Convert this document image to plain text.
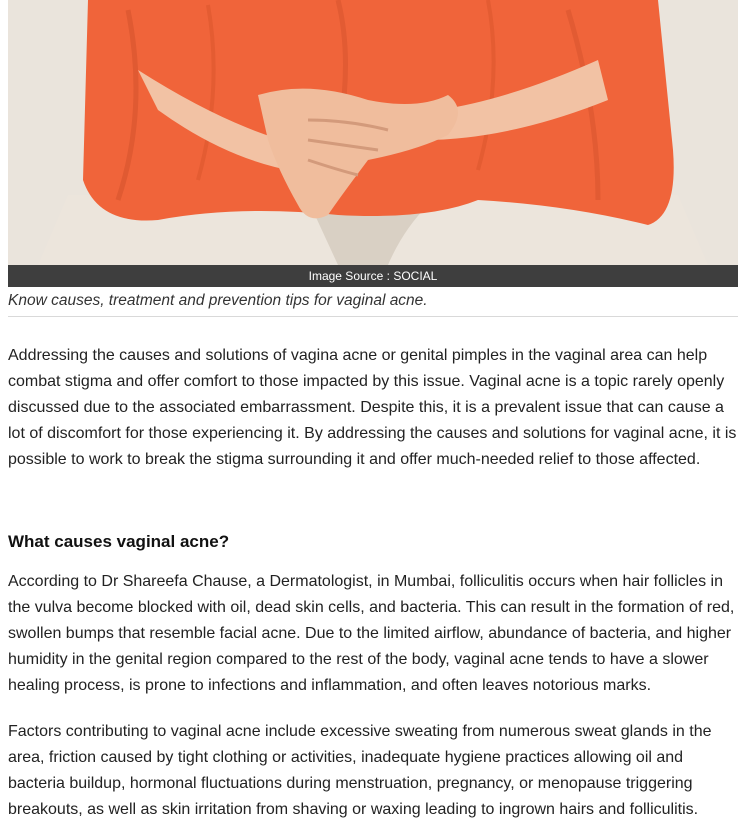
Image Source : SOCIAL
Know causes, treatment and prevention tips for vaginal acne.

Addressing the causes and solutions of vagina acne or genital pimples in the vaginal area can help combat stigma and offer comfort to those impacted by this issue. Vaginal acne is a topic rarely openly discussed due to the associated embarrassment. Despite this, it is a prevalent issue that can cause a lot of discomfort for those experiencing it. By addressing the causes and solutions for vaginal acne, it is possible to work to break the stigma surrounding it and offer much-needed relief to those affected.

What causes vaginal acne?

According to Dr Shareefa Chause, a Dermatologist, in Mumbai, folliculitis occurs when hair follicles in the vulva become blocked with oil, dead skin cells, and bacteria. This can result in the formation of red, swollen bumps that resemble facial acne. Due to the limited airflow, abundance of bacteria, and higher humidity in the genital region compared to the rest of the body, vaginal acne tends to have a slower healing process, is prone to infections and inflammation, and often leaves notorious marks.

Factors contributing to vaginal acne include excessive sweating from numerous sweat glands in the area, friction caused by tight clothing or activities, inadequate hygiene practices allowing oil and bacteria buildup, hormonal fluctuations during menstruation, pregnancy, or menopause triggering breakouts, as well as skin irritation from shaving or waxing leading to ingrown hairs and folliculitis.
